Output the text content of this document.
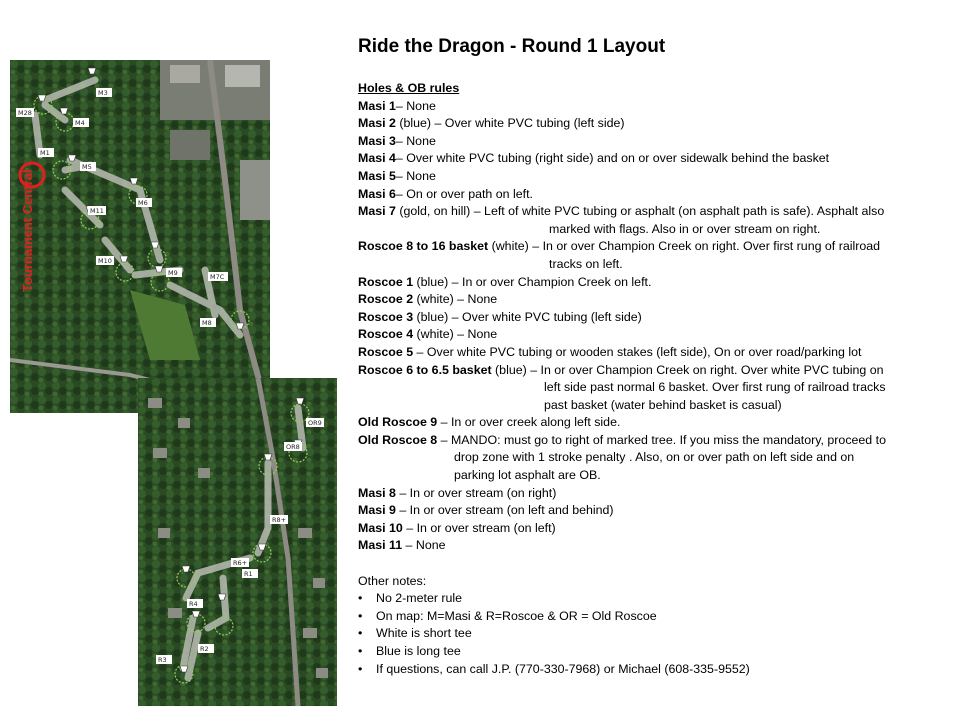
M3
M28
M4
M1
M5
M6
M11
M10
M9	M7C
M8
Tournament Central
OR9
OR8
R8+
R6+
R1
R4
R2
R3
Ride the Dragon - Round 1 Layout
Holes & OB rules
Masi 1– None
Masi 2 (blue) – Over white PVC tubing (left side)
Masi 3– None
Masi 4– Over white PVC tubing (right side) and on or over sidewalk behind the basket
Masi 5– None
Masi 6– On or over path on left.
Masi 7 (gold, on hill) – Left of white PVC tubing or asphalt (on asphalt path is safe). Asphalt also
marked with flags. Also in or over stream on right.
Roscoe 8 to 16 basket (white) – In or over Champion Creek on right. Over first rung of railroad
tracks on left.
Roscoe 1 (blue) – In or over Champion Creek on left.
Roscoe 2 (white) – None
Roscoe 3 (blue) – Over white PVC tubing (left side)
Roscoe 4 (white) – None
Roscoe 5 – Over white PVC tubing or wooden stakes (left side), On or over road/parking lot
Roscoe 6 to 6.5 basket (blue) – In or over Champion Creek on right. Over white PVC tubing on
left side past normal 6 basket. Over first rung of railroad tracks
past basket (water behind basket is casual)
Old Roscoe 9 – In or over creek along left side.
Old Roscoe 8 – MANDO: must go to right of marked tree. If you miss the mandatory, proceed to
drop zone with 1 stroke penalty . Also, on or over path on left side and on
parking lot asphalt are OB.
Masi 8 – In or over stream (on right)
Masi 9 – In or over stream (on left and behind)
Masi 10 – In or over stream (on left)
Masi 11 – None
Other notes:
• No 2-meter rule
• On map: M=Masi & R=Roscoe & OR = Old Roscoe
• White is short tee
• Blue is long tee
• If questions, can call J.P. (770-330-7968) or Michael (608-335-9552)
